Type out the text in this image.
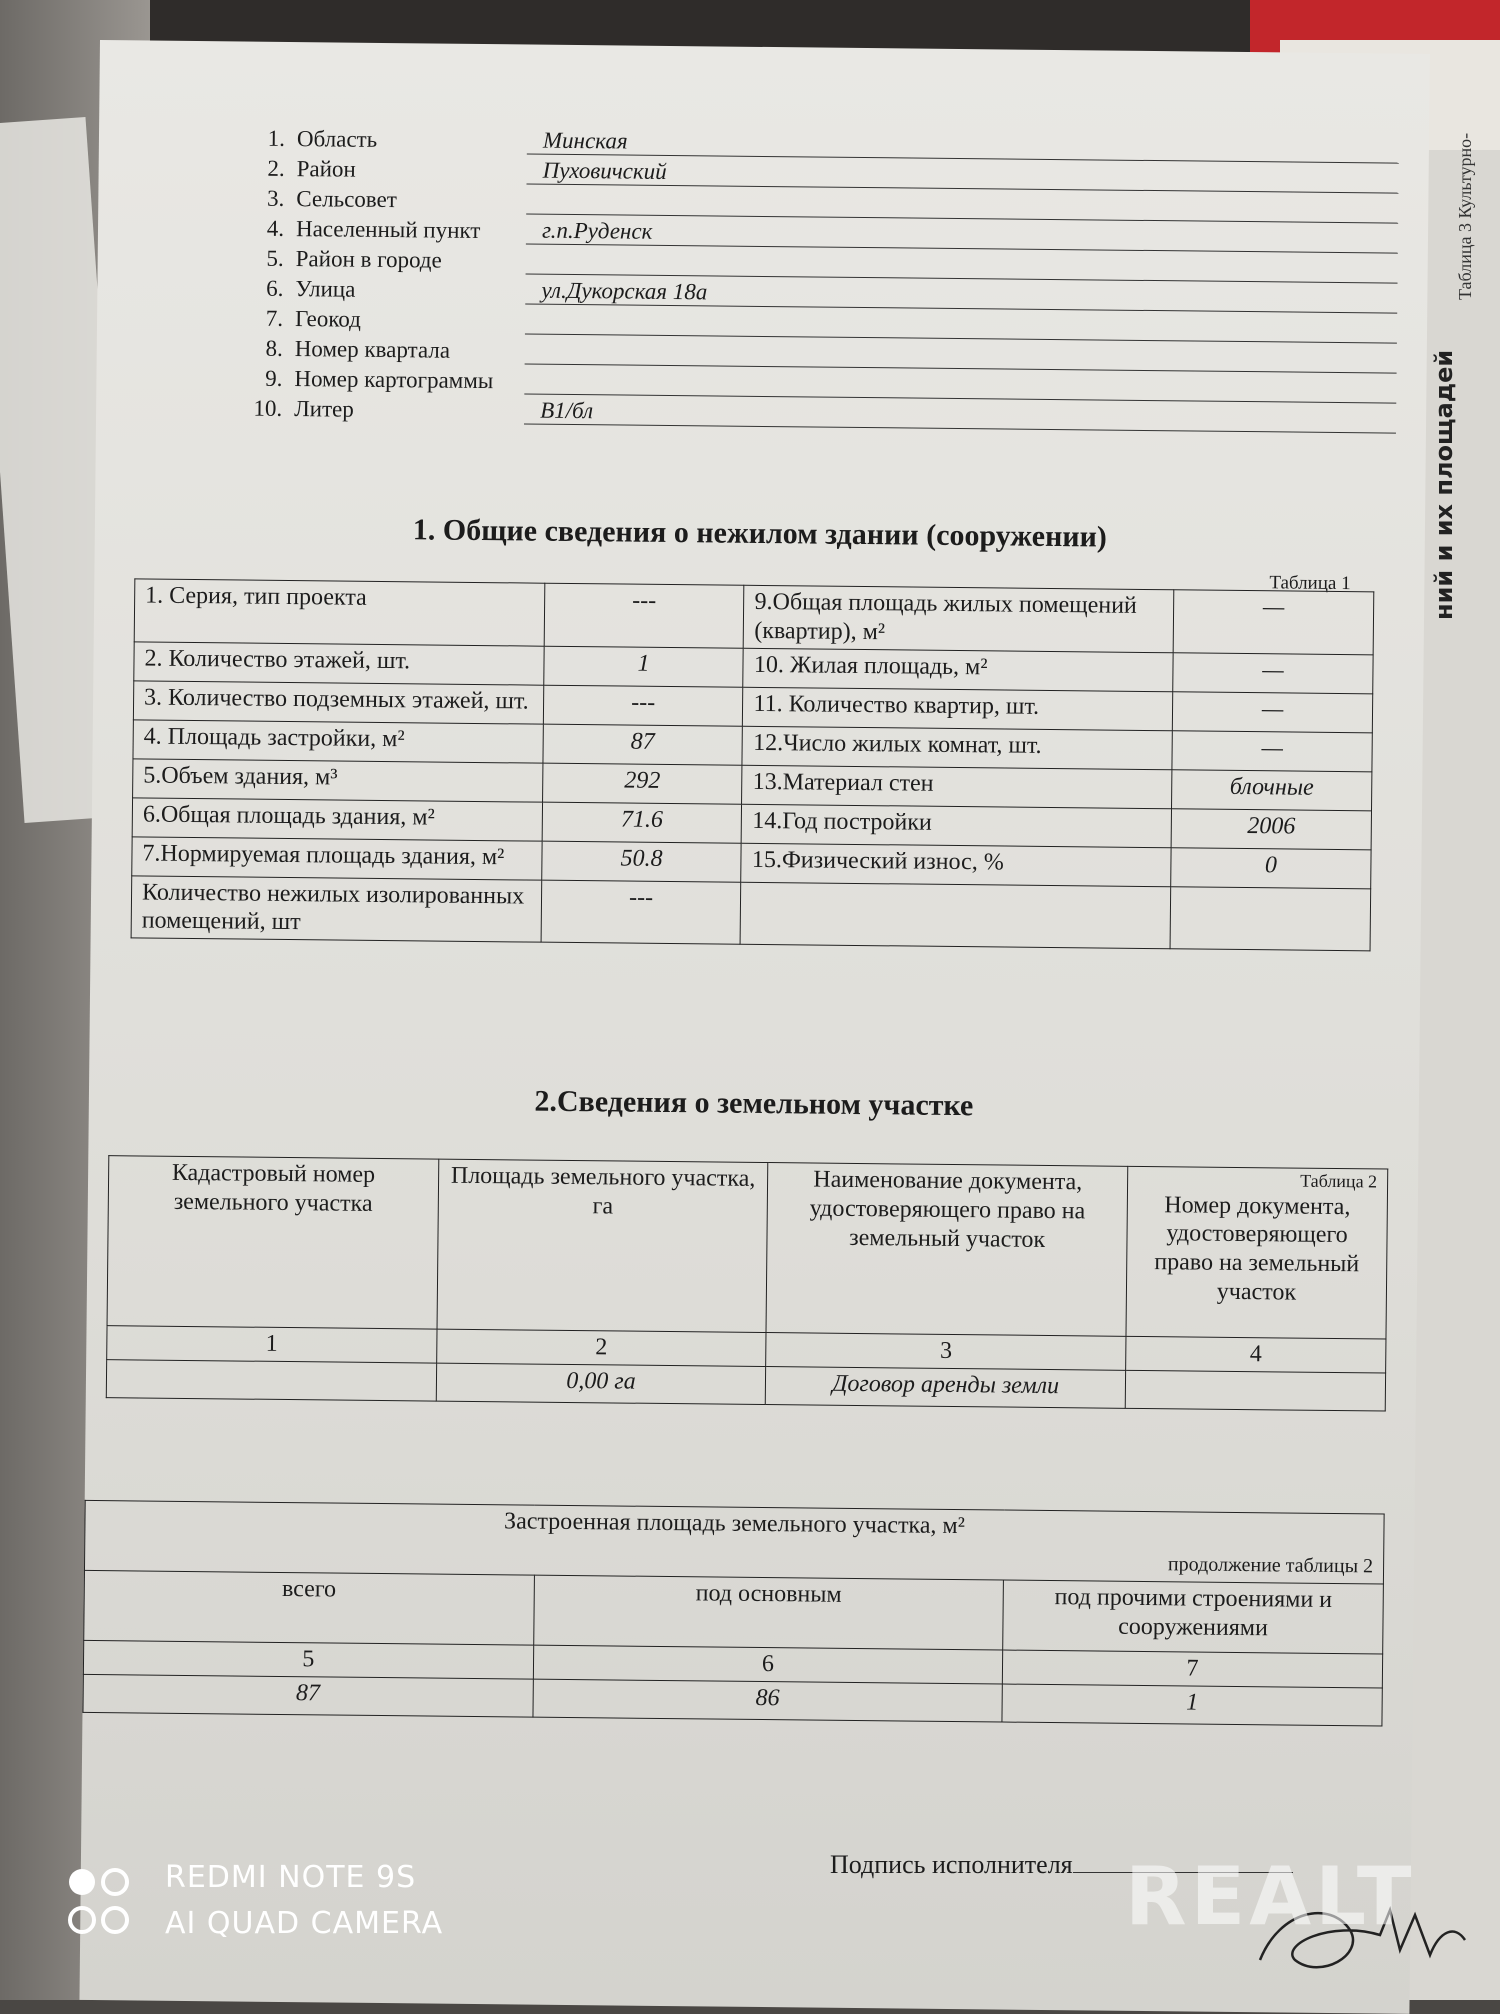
Таблица 3 Культурно-
ний и их площадей
1. Область	Минская
2. Район	Пуховичский
3. Сельсовет
4. Населенный пункт	г.п.Руденск
5. Район в городе
6. Улица	ул.Дукорская 18а
7. Геокод
8. Номер квартала
9. Номер картограммы
10. Литер	В1/бл
1. Общие сведения о нежилом здании (сооружении)
Таблица 1
1. Серия, тип проекта	---	9.Общая площадь жилых помещений (квартир), м²	—
2. Количество этажей, шт.	1	10. Жилая площадь, м²	—
3. Количество подземных этажей, шт.	---	11. Количество квартир, шт.	—
4. Площадь застройки, м²	87	12.Число жилых комнат, шт.	—
5.Объем здания, м³	292	13.Материал стен	блочные
6.Общая площадь здания, м²	71.6	14.Год постройки	2006
7.Нормируемая площадь здания, м²	50.8	15.Физический износ, %	0
Количество нежилых изолированных помещений, шт	---		
2.Сведения о земельном участке
Кадастровый номер земельного участка	Площадь земельного участка, га	Наименование документа, удостоверяющего право на земельный участок	Таблица 2
Номер документа, удостоверяющего право на земельный участок

1	2	3	4
	0,00 га	Договор аренды земли	
Застроенная площадь земельного участка, м²
продолжение таблицы 2		

всего	под основным	под прочими строениями и сооружениями
5	6	7
87	86	1
Подпись исполнителя
REDMI NOTE 9S
AI QUAD CAMERA	REALT
